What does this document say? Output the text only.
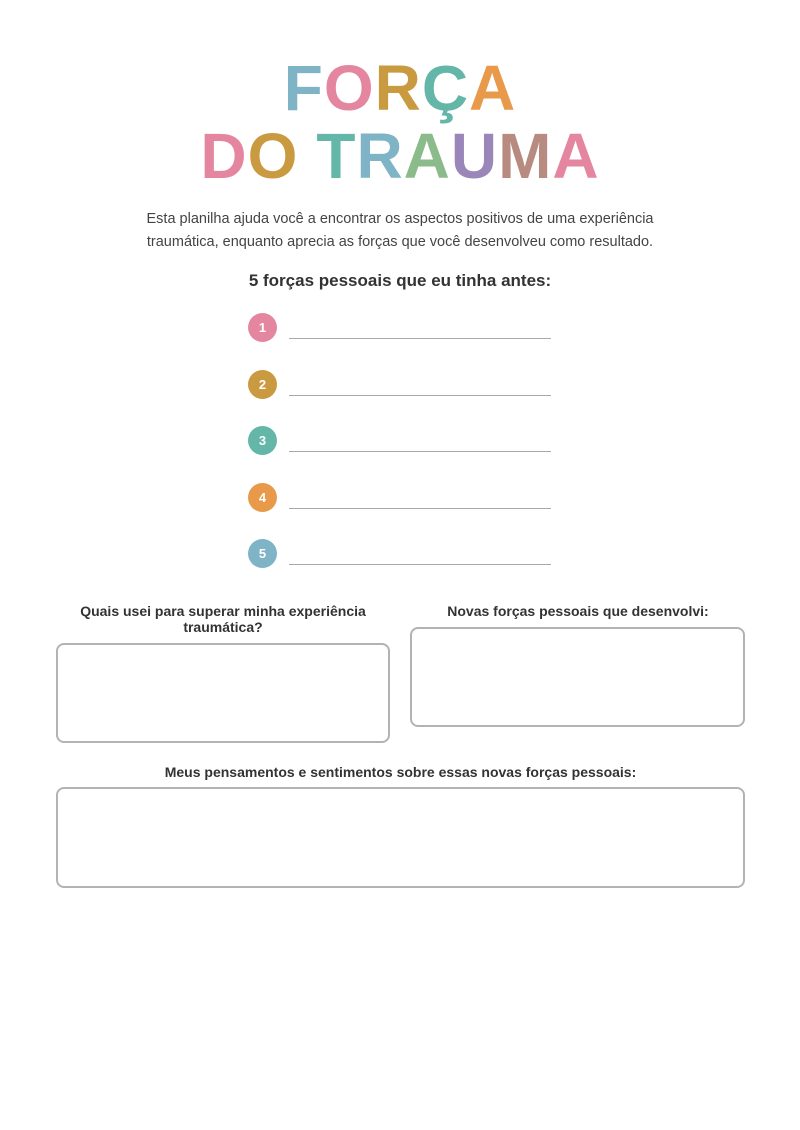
FORÇA
DO TRAUMA
Esta planilha ajuda você a encontrar os aspectos positivos de uma experiência
traumática, enquanto aprecia as forças que você desenvolveu como resultado.
5 forças pessoais que eu tinha antes:
1
2
3
4
5
Quais usei para superar minha experiência traumática?
Novas forças pessoais que desenvolvi:
Meus pensamentos e sentimentos sobre essas novas forças pessoais:
